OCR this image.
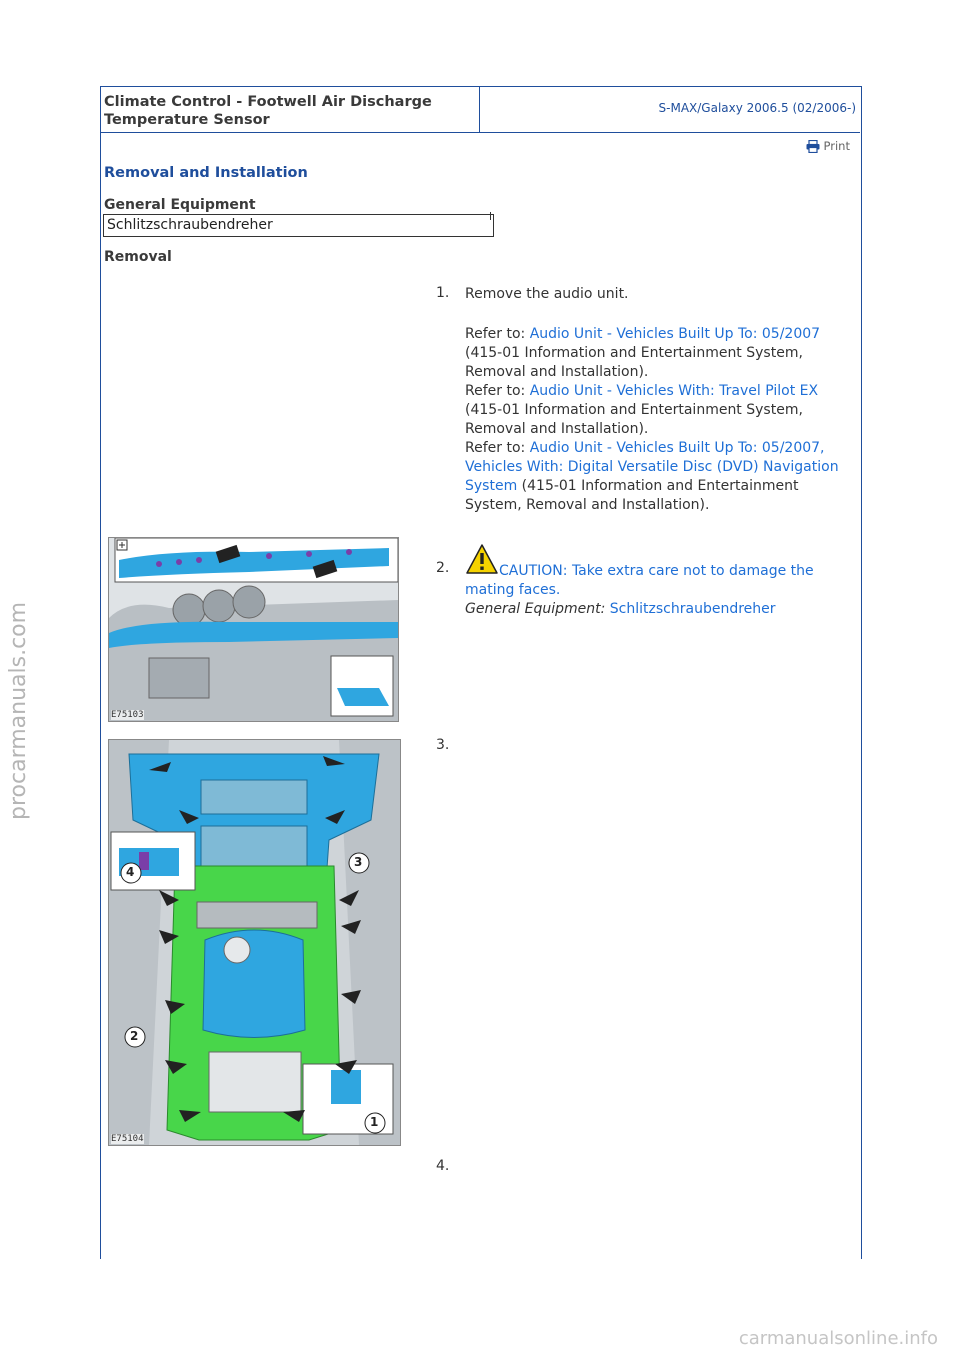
Climate Control - Footwell Air Discharge Temperature Sensor
S-MAX/Galaxy 2006.5 (02/2006-)
Print
Removal and Installation
General Equipment
Schlitzschraubendreher
Removal
1. Remove the audio unit.
Refer to: Audio Unit - Vehicles Built Up To: 05/2007 (415-01 Information and Entertainment System, Removal and Installation).
Refer to: Audio Unit - Vehicles With: Travel Pilot EX (415-01 Information and Entertainment System, Removal and Installation).
Refer to: Audio Unit - Vehicles Built Up To: 05/2007, Vehicles With: Digital Versatile Disc (DVD) Navigation System (415-01 Information and Entertainment System, Removal and Installation).
E75103
2.	CAUTION: Take extra care not to damage the mating faces.
General Equipment: Schlitzschraubendreher
4
2
3
1
E75104
3.
4.
procarmanuals.com
carmanualsonline.info
